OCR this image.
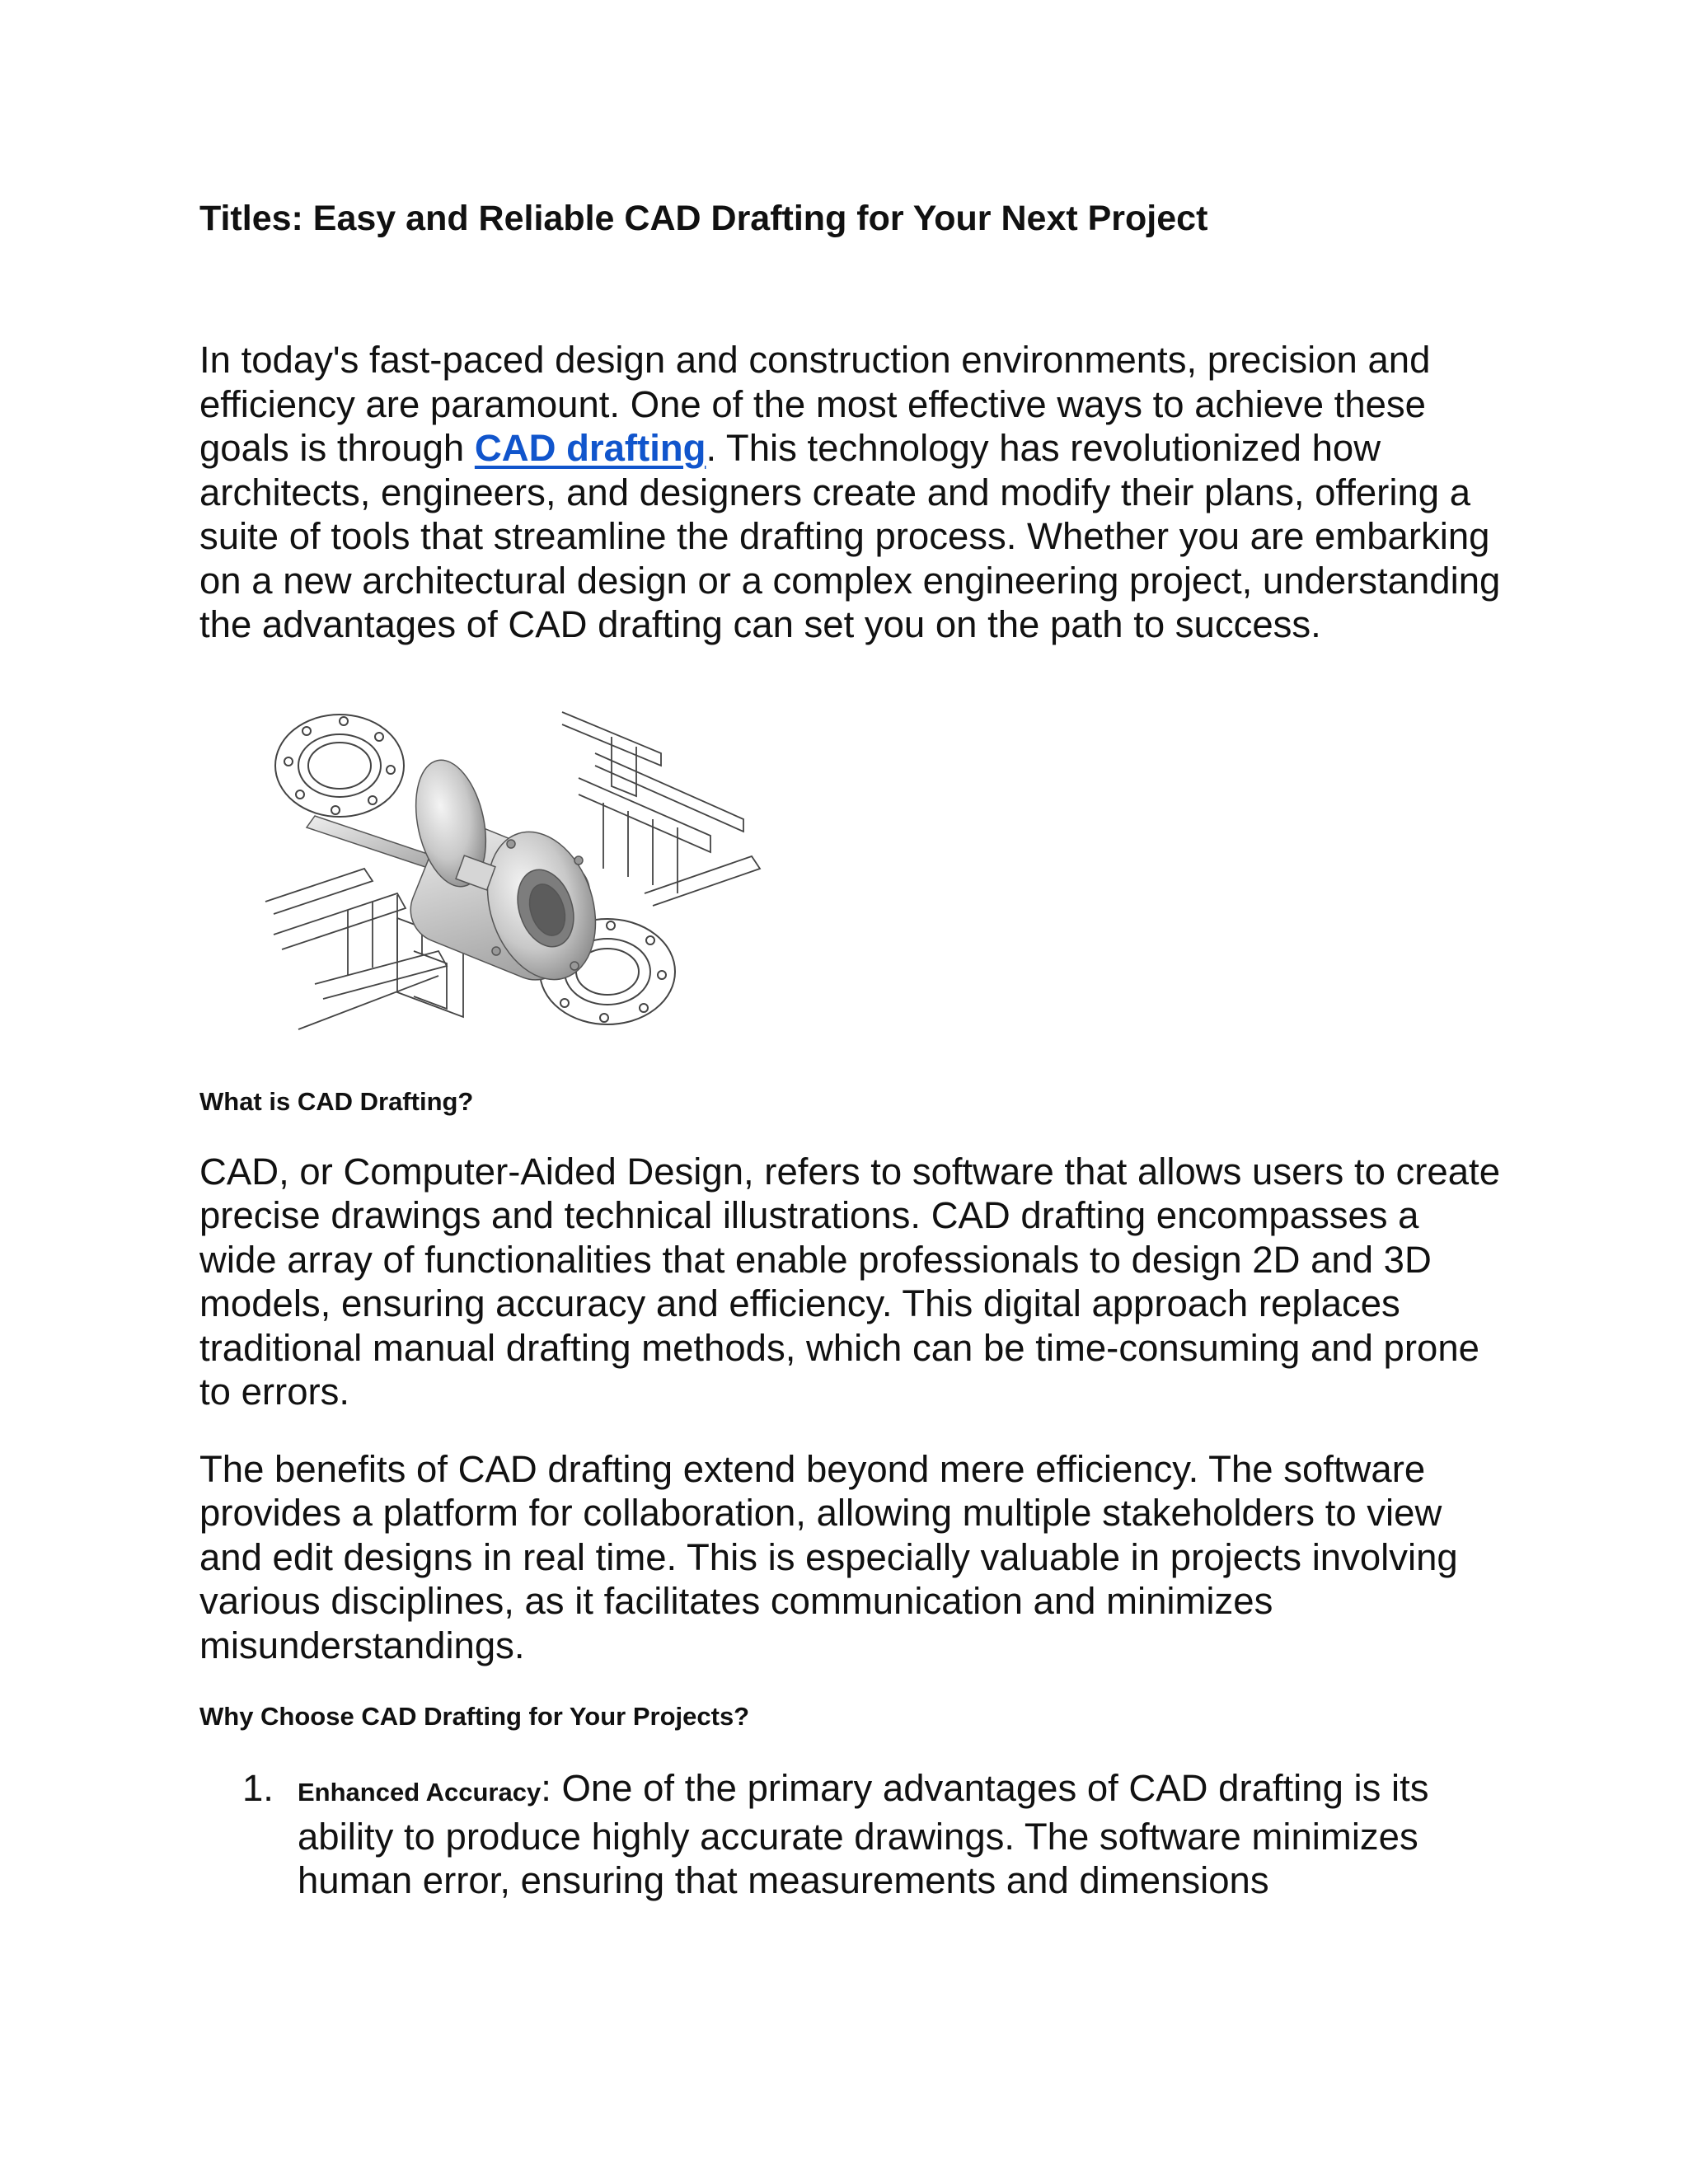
Titles: Easy and Reliable CAD Drafting for Your Next Project

In today's fast-paced design and construction environments, precision and efficiency are paramount. One of the most effective ways to achieve these goals is through CAD drafting. This technology has revolutionized how architects, engineers, and designers create and modify their plans, offering a suite of tools that streamline the drafting process. Whether you are embarking on a new architectural design or a complex engineering project, understanding the advantages of CAD drafting can set you on the path to success.

What is CAD Drafting?

CAD, or Computer-Aided Design, refers to software that allows users to create precise drawings and technical illustrations. CAD drafting encompasses a wide array of functionalities that enable professionals to design 2D and 3D models, ensuring accuracy and efficiency. This digital approach replaces traditional manual drafting methods, which can be time-consuming and prone to errors.

The benefits of CAD drafting extend beyond mere efficiency. The software provides a platform for collaboration, allowing multiple stakeholders to view and edit designs in real time. This is especially valuable in projects involving various disciplines, as it facilitates communication and minimizes misunderstandings.

Why Choose CAD Drafting for Your Projects?
1. Enhanced Accuracy: One of the primary advantages of CAD drafting is its ability to produce highly accurate drawings. The software minimizes human error, ensuring that measurements and dimensions
